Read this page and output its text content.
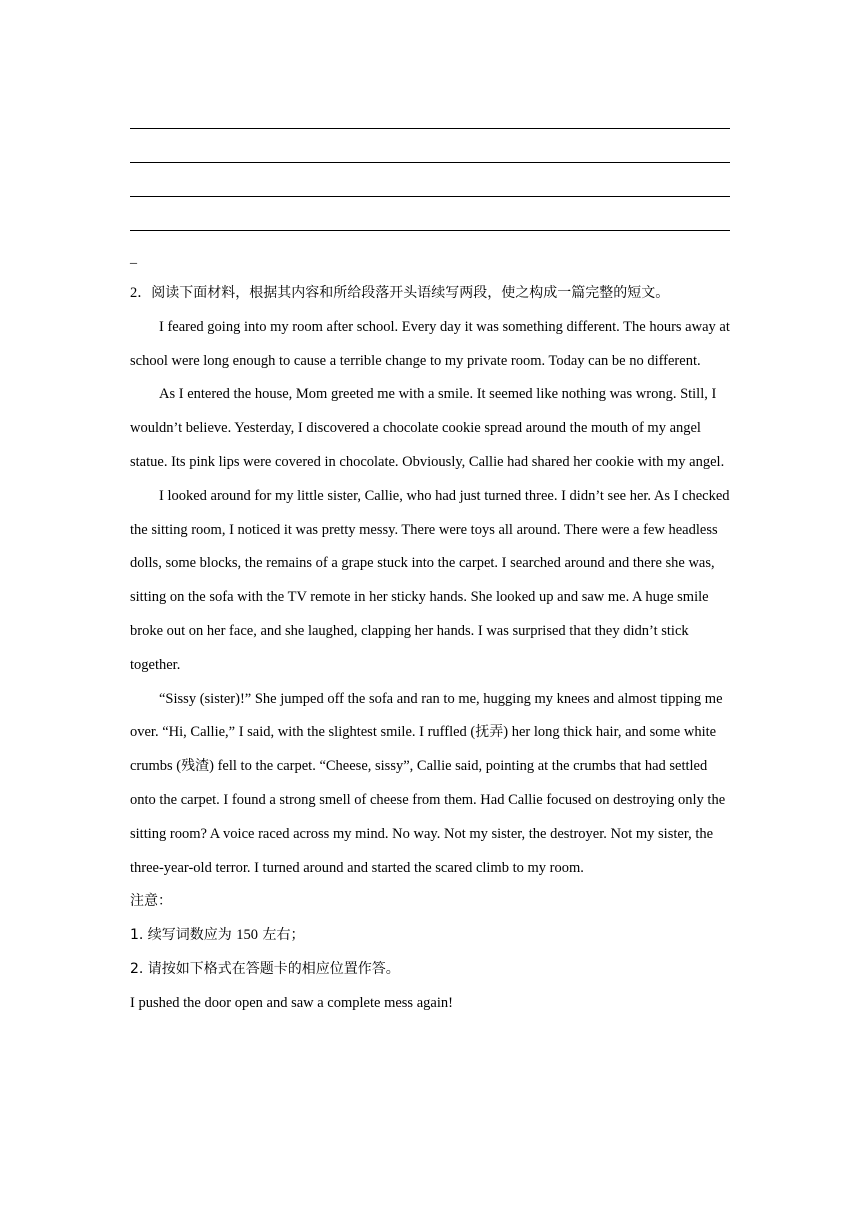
_

2．阅读下面材料，根据其内容和所给段落开头语续写两段，使之构成一篇完整的短文。

I feared going into my room after school. Every day it was something different. The hours away at school were long enough to cause a terrible change to my private room. Today can be no different.

As I entered the house, Mom greeted me with a smile. It seemed like nothing was wrong. Still, I wouldn’t believe. Yesterday, I discovered a chocolate cookie spread around the mouth of my angel statue. Its pink lips were covered in chocolate. Obviously, Callie had shared her cookie with my angel.

I looked around for my little sister, Callie, who had just turned three. I didn’t see her. As I checked the sitting room, I noticed it was pretty messy. There were toys all around. There were a few headless dolls, some blocks, the remains of a grape stuck into the carpet. I searched around and there she was, sitting on the sofa with the TV remote in her sticky hands. She looked up and saw me. A huge smile broke out on her face, and she laughed, clapping her hands. I was surprised that they didn’t stick together.

“Sissy (sister)!” She jumped off the sofa and ran to me, hugging my knees and almost tipping me over. “Hi, Callie,” I said, with the slightest smile. I ruffled (抚弄) her long thick hair, and some white crumbs (残渣) fell to the carpet. “Cheese, sissy”, Callie said, pointing at the crumbs that had settled onto the carpet. I found a strong smell of cheese from them. Had Callie focused on destroying only the sitting room? A voice raced across my mind. No way. Not my sister, the destroyer. Not my sister, the three-year-old terror. I turned around and started the scared climb to my room.

注意：

1. 续写词数应为 150 左右；

2. 请按如下格式在答题卡的相应位置作答。

I pushed the door open and saw a complete mess again!
